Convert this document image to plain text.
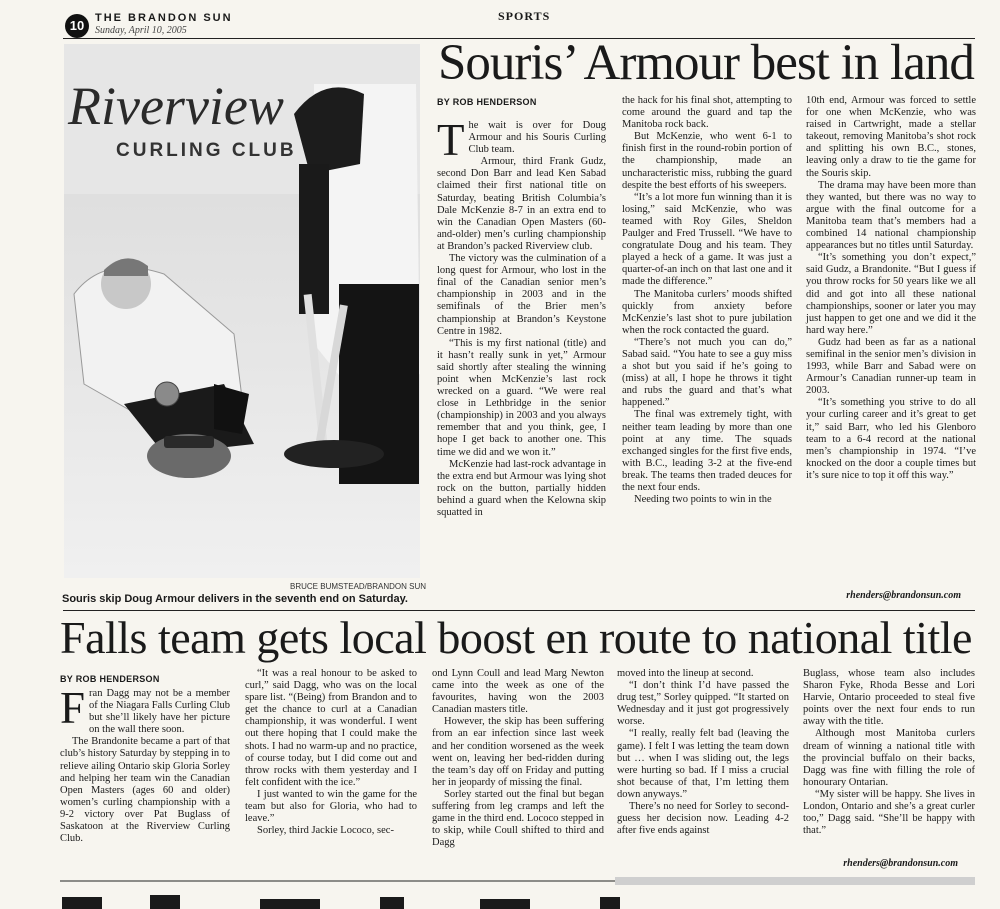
10 THE BRANDON SUN
Sunday, April 10, 2005
SPORTS
Riverview
CURLING CLUB
BRUCE BUMSTEAD/BRANDON SUN
Souris skip Doug Armour delivers in the seventh end on Saturday.
Souris’ Armour best in land
BY ROB HENDERSON
T he wait is over for Doug Armour and his Souris Curling Club team.

Armour, third Frank Gudz, second Don Barr and lead Ken Sabad claimed their first national title on Saturday, beating British Columbia’s Dale McKenzie 8-7 in an extra end to win the Canadian Open Masters (60-and-older) men’s curling championship at Brandon’s packed Riverview club.

The victory was the culmination of a long quest for Armour, who lost in the final of the Canadian senior men’s championship in 2003 and in the semifinals of the Brier men’s championship at Brandon’s Keystone Centre in 1982.

“This is my first national (title) and it hasn’t really sunk in yet,” Armour said shortly after stealing the winning point when McKenzie’s last rock wrecked on a guard. “We were real close in Lethbridge in the senior (championship) in 2003 and you always remember that and you think, gee, I hope I get back to another one. This time we did and we won it.”

McKenzie had last-rock advantage in the extra end but Armour was lying shot rock on the button, partially hidden behind a guard when the Kelowna skip squatted in

the hack for his final shot, attempting to come around the guard and tap the Manitoba rock back.

But McKenzie, who went 6-1 to finish first in the round-robin portion of the championship, made an uncharacteristic miss, rubbing the guard despite the best efforts of his sweepers.

“It’s a lot more fun winning than it is losing,” said McKenzie, who was teamed with Roy Giles, Sheldon Paulger and Fred Trussell. “We have to congratulate Doug and his team. They played a heck of a game. It was just a quarter-of-an inch on that last one and it made the difference.”

The Manitoba curlers’ moods shifted quickly from anxiety before McKenzie’s last shot to pure jubilation when the rock contacted the guard.

“There’s not much you can do,” Sabad said. “You hate to see a guy miss a shot but you said if he’s going to (miss) at all, I hope he throws it tight and rubs the guard and that’s what happened.”

The final was extremely tight, with neither team leading by more than one point at any time. The squads exchanged singles for the first five ends, with B.C., leading 3-2 at the five-end break. The teams then traded deuces for the next four ends.

Needing two points to win in the

10th end, Armour was forced to settle for one when McKenzie, who was raised in Cartwright, made a stellar takeout, removing Manitoba’s shot rock and splitting his own B.C., stones, leaving only a draw to tie the game for the Souris skip.

The drama may have been more than they wanted, but there was no way to argue with the final outcome for a Manitoba team that’s members had a combined 14 national championship appearances but no titles until Saturday.

“It’s something you don’t expect,” said Gudz, a Brandonite. “But I guess if you throw rocks for 50 years like we all did and got into all these national championships, sooner or later you may just happen to get one and we did it the hard way here.”

Gudz had been as far as a national semifinal in the senior men’s division in 1993, while Barr and Sabad were on Armour’s Canadian runner-up team in 2003.

“It’s something you strive to do all your curling career and it’s great to get it,” said Barr, who led his Glenboro team to a 6-4 record at the national men’s championship in 1974. “I’ve knocked on the door a couple times but it’s sure nice to top it off this way.”

rhenders@brandonsun.com
Falls team gets local boost en route to national title
BY ROB HENDERSON
F ran Dagg may not be a member of the Niagara Falls Curling Club but she’ll likely have her picture on the wall there soon.

The Brandonite became a part of that club’s history Saturday by stepping in to relieve ailing Ontario skip Gloria Sorley and helping her team win the Canadian Open Masters (ages 60 and older) women’s curling championship with a 9-2 victory over Pat Buglass of Saskatoon at the Riverview Curling Club.

“It was a real honour to be asked to curl,” said Dagg, who was on the local spare list. “(Being) from Brandon and to get the chance to curl at a Canadian championship, it was wonderful. I went out there hoping that I could make the shots. I had no warm-up and no practice, of course today, but I did come out and throw rocks with them yesterday and I felt confident with the ice.”

I just wanted to win the game for the team but also for Gloria, who had to leave.”

Sorley, third Jackie Lococo, sec-

ond Lynn Coull and lead Marg Newton came into the week as one of the favourites, having won the 2003 Canadian masters title.

However, the skip has been suffering from an ear infection since last week and her condition worsened as the week went on, leaving her bed-ridden during the team’s day off on Friday and putting her in jeopardy of missing the final.

Sorley started out the final but began suffering from leg cramps and left the game in the third end. Lococo stepped in to skip, while Coull shifted to third and Dagg

moved into the lineup at second.

“I don’t think I’d have passed the drug test,” Sorley quipped. “It started on Wednesday and it just got progressively worse.

“I really, really felt bad (leaving the game). I felt I was letting the team down but … when I was sliding out, the legs were hurting so bad. If I miss a crucial shot because of that, I’m letting them down anyways.”

There’s no need for Sorley to second-guess her decision now. Leading 4-2 after five ends against

Buglass, whose team also includes Sharon Fyke, Rhoda Besse and Lori Harvie, Ontario proceeded to steal five points over the next four ends to run away with the title.

Although most Manitoba curlers dream of winning a national title with the provincial buffalo on their backs, Dagg was fine with filling the role of honourary Ontarian.

“My sister will be happy. She lives in London, Ontario and she’s a great curler too,” Dagg said. “She’ll be happy with that.”

rhenders@brandonsun.com
